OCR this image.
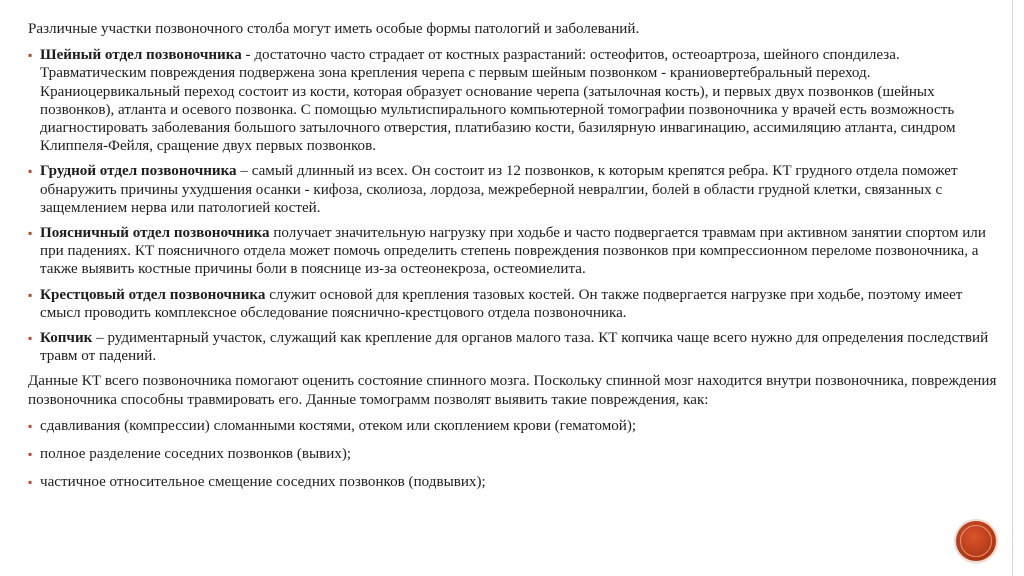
Различные участки позвоночного столба могут иметь особые формы патологий и заболеваний.

▪ Шейный отдел позвоночника - достаточно часто страдает от костных разрастаний: остеофитов, остеоартроза, шейного спондилеза. Травматическим повреждения подвержена зона крепления черепа с первым шейным позвонком - краниовертебральный переход. Краниоцервикальный переход состоит из кости, которая образует основание черепа (затылочная кость), и первых двух позвонков (шейных позвонков), атланта и осевого позвонка. С помощью мультиспирального компьютерной томографии позвоночника у врачей есть возможность диагностировать заболевания большого затылочного отверстия, платибазию кости, базилярную инвагинацию, ассимиляцию атланта, синдром Клиппеля-Фейля, сращение двух первых позвонков.
▪ Грудной отдел позвоночника – самый длинный из всех. Он состоит из 12 позвонков, к которым крепятся ребра. КТ грудного отдела поможет обнаружить причины ухудшения осанки - кифоза, сколиоза, лордоза, межреберной невралгии, болей в области грудной клетки, связанных с защемлением нерва или патологией костей.
▪ Поясничный отдел позвоночника получает значительную нагрузку при ходьбе и часто подвергается травмам при активном занятии спортом или при падениях. КТ поясничного отдела может помочь определить степень повреждения позвонков при компрессионном переломе позвоночника, а также выявить костные причины боли в пояснице из-за остеонекроза, остеомиелита.
▪ Крестцовый отдел позвоночника служит основой для крепления тазовых костей. Он также подвергается нагрузке при ходьбе, поэтому имеет смысл проводить комплексное обследование пояснично-крестцового отдела позвоночника.
▪ Копчик – рудиментарный участок, служащий как крепление для органов малого таза. КТ копчика чаще всего нужно для определения последствий травм от падений.

Данные КТ всего позвоночника помогают оценить состояние спинного мозга. Поскольку спинной мозг находится внутри позвоночника, повреждения позвоночника способны травмировать его. Данные томограмм позволят выявить такие повреждения, как:

▪ сдавливания (компрессии) сломанными костями, отеком или скоплением крови (гематомой);
▪ полное разделение соседних позвонков (вывих);
▪ частичное относительное смещение соседних позвонков (подвывих);
